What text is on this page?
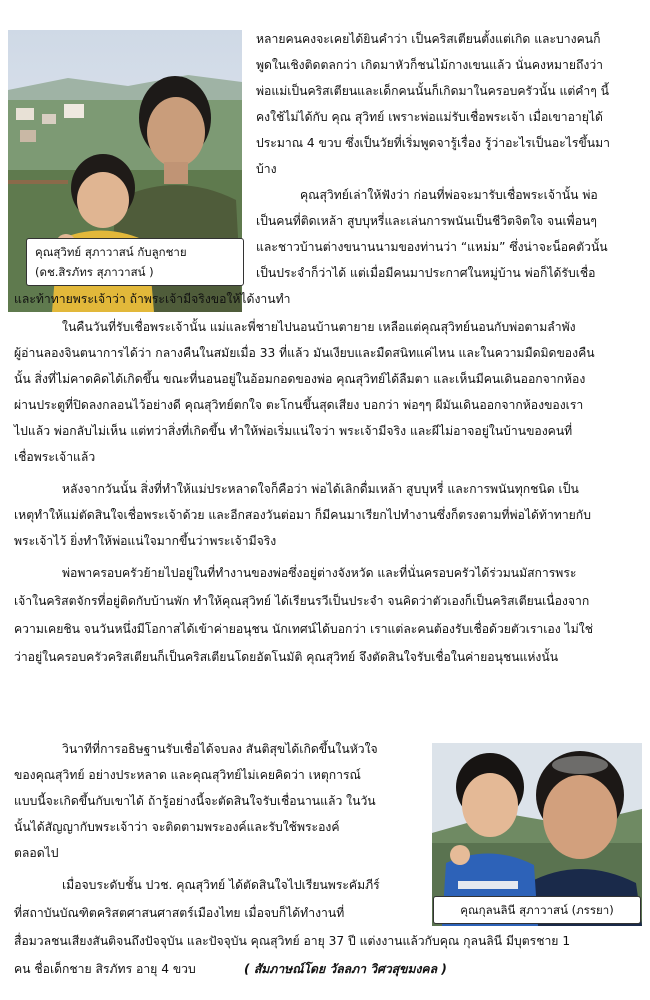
คุณสุวิทย์ สุภาวาสน์ กับลูกชาย
(ดช.สิรภัทร สุภาวาสน์ )
คุณกุลนลินี สุภาวาสน์ (ภรรยา)
หลายคนคงจะเคยได้ยินคำว่า เป็นคริสเตียนตั้งแต่เกิด และบางคนก็
พูดในเชิงติดตลกว่า เกิดมาหัวก็ชนไม้กางเขนแล้ว นั่นคงหมายถึงว่า
พ่อแม่เป็นคริสเตียนและเด็กคนนั้นก็เกิดมาในครอบครัวนั้น แต่คำๆ นี้
คงใช้ไม่ได้กับ คุณ สุวิทย์ เพราะพ่อแม่รับเชื่อพระเจ้า เมื่อเขาอายุได้
ประมาณ 4 ขวบ ซึ่งเป็นวัยที่เริ่มพูดจารู้เรื่อง รู้ว่าอะไรเป็นอะไรขึ้นมา
บ้าง
คุณสุวิทย์เล่าให้ฟังว่า ก่อนที่พ่อจะมารับเชื่อพระเจ้านั้น พ่อ
เป็นคนที่ติดเหล้า สูบบุหรี่และเล่นการพนันเป็นชีวิตจิตใจ จนเพื่อนๆ
และชาวบ้านต่างขนานนามของท่านว่า “แหม่ม” ซึ่งน่าจะน็อคตัวนั้น
เป็นประจำก็ว่าได้ แต่เมื่อมีคนมาประกาศในหมู่บ้าน พ่อก็ได้รับเชื่อ
และท้าทายพระเจ้าว่า ถ้าพระเจ้ามีจริงขอให้ได้งานทำ
ในคืนวันที่รับเชื่อพระเจ้านั้น แม่และพี่ชายไปนอนบ้านตายาย เหลือแต่คุณสุวิทย์นอนกับพ่อตามลำพัง
ผู้อ่านลองจินตนาการได้ว่า กลางคืนในสมัยเมื่อ 33 ที่แล้ว มันเงียบและมืดสนิทแค่ไหน และในความมืดมิดของคืน
นั้น สิ่งที่ไม่คาดคิดได้เกิดขึ้น ขณะที่นอนอยู่ในอ้อมกอดของพ่อ คุณสุวิทย์ได้ลืมตา และเห็นมีคนเดินออกจากห้อง
ผ่านประตูที่ปิดลงกลอนไว้อย่างดี คุณสุวิทย์ตกใจ ตะโกนขึ้นสุดเสียง บอกว่า พ่อๆๆ ผีมันเดินออกจากห้องของเรา
ไปแล้ว พ่อกลับไม่เห็น แต่ทว่าสิ่งที่เกิดขึ้น ทำให้พ่อเริ่มแน่ใจว่า พระเจ้ามีจริง และผีไม่อาจอยู่ในบ้านของคนที่
เชื่อพระเจ้าแล้ว
หลังจากวันนั้น สิ่งที่ทำให้แม่ประหลาดใจก็คือว่า พ่อได้เลิกดื่มเหล้า สูบบุหรี่ และการพนันทุกชนิด เป็น
เหตุทำให้แม่ตัดสินใจเชื่อพระเจ้าด้วย และอีกสองวันต่อมา ก็มีคนมาเรียกไปทำงานซึ่งก็ตรงตามที่พ่อได้ท้าทายกับ
พระเจ้าไว้ ยิ่งทำให้พ่อแน่ใจมากขึ้นว่าพระเจ้ามีจริง
พ่อพาครอบครัวย้ายไปอยู่ในที่ทำงานของพ่อซึ่งอยู่ต่างจังหวัด และที่นั่นครอบครัวได้ร่วมนมัสการพระ
เจ้าในคริสตจักรที่อยู่ติดกับบ้านพัก ทำให้คุณสุวิทย์ ได้เรียนรวีเป็นประจำ จนคิดว่าตัวเองก็เป็นคริสเตียนเนื่องจาก
ความเคยชิน จนวันหนึ่งมีโอกาสได้เข้าค่ายอนุชน นักเทศน์ได้บอกว่า เราแต่ละคนต้องรับเชื่อด้วยตัวเราเอง ไม่ใช่
ว่าอยู่ในครอบครัวคริสเตียนก็เป็นคริสเตียนโดยอัตโนมัติ คุณสุวิทย์ จึงตัดสินใจรับเชื่อในค่ายอนุชนแห่งนั้น
วินาทีที่การอธิษฐานรับเชื่อได้จบลง สันติสุขได้เกิดขึ้นในหัวใจ
ของคุณสุวิทย์ อย่างประหลาด และคุณสุวิทย์ไม่เคยคิดว่า เหตุการณ์
แบบนี้จะเกิดขึ้นกับเขาได้ ถ้ารู้อย่างนี้จะตัดสินใจรับเชื่อนานแล้ว ในวัน
นั้นได้สัญญากับพระเจ้าว่า จะติดตามพระองค์และรับใช้พระองค์
ตลอดไป
เมื่อจบระดับชั้น ปวช. คุณสุวิทย์ ได้ตัดสินใจไปเรียนพระคัมภีร์
ที่สถาบันบัณฑิตคริสตศาสนศาสตร์เมืองไทย เมื่อจบก็ได้ทำงานที่
สื่อมวลชนเสียงสันติจนถึงปัจจุบัน และปัจจุบัน คุณสุวิทย์ อายุ 37 ปี แต่งงานแล้วกับคุณ กุลนลินี มีบุตรชาย 1
คน ชื่อเด็กชาย สิรภัทร อายุ 4 ขวบ	( สัมภาษณ์โดย วัลลภา วิศวสุขมงคล )
